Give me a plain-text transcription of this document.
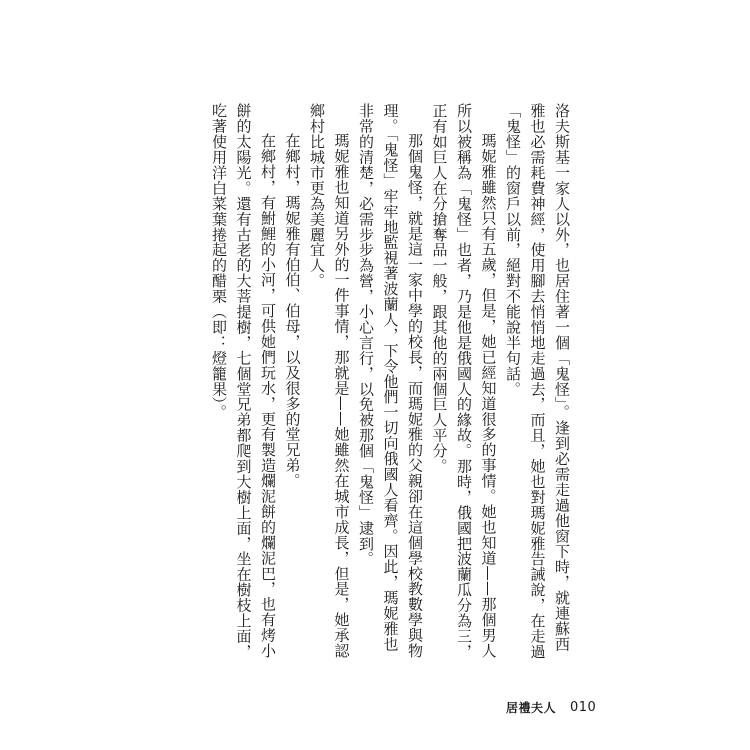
洛夫斯基一家人以外，也居住著一個「鬼怪」。逢到必需走過他窗下時，就連蘇西雅也必需耗費神經，使用腳去悄悄地走過去，而且，她也對瑪妮雅告誡說，在走過「鬼怪」的窗戶以前，絕對不能說半句話。

瑪妮雅雖然只有五歲，但是，她已經知道很多的事情。她也知道——那個男人所以被稱為「鬼怪」也者，乃是他是俄國人的緣故。那時，俄國把波蘭瓜分為三，正有如巨人在分搶奪品一般，跟其他的兩個巨人平分。

那個鬼怪，就是這一家中學的校長，而瑪妮雅的父親卻在這個學校教數學與物理。「鬼怪」牢牢地監視著波蘭人，下令他們一切向俄國人看齊。因此，瑪妮雅也非常的清楚，必需步步為營，小心言行，以免被那個「鬼怪」逮到。

瑪妮雅也知道另外的一件事情，那就是——她雖然在城市成長，但是，她承認鄉村比城市更為美麗宜人。

在鄉村，瑪妮雅有伯伯、伯母，以及很多的堂兄弟。

在鄉村，有鮒鯉的小河，可供她們玩水，更有製造爛泥餅的爛泥巴，也有烤小餅的太陽光。還有古老的大菩提樹，七個堂兄弟都爬到大樹上面，坐在樹枝上面，吃著使用洋白菜葉捲起的醋栗（即：燈籠果）。

居禮夫人 010
